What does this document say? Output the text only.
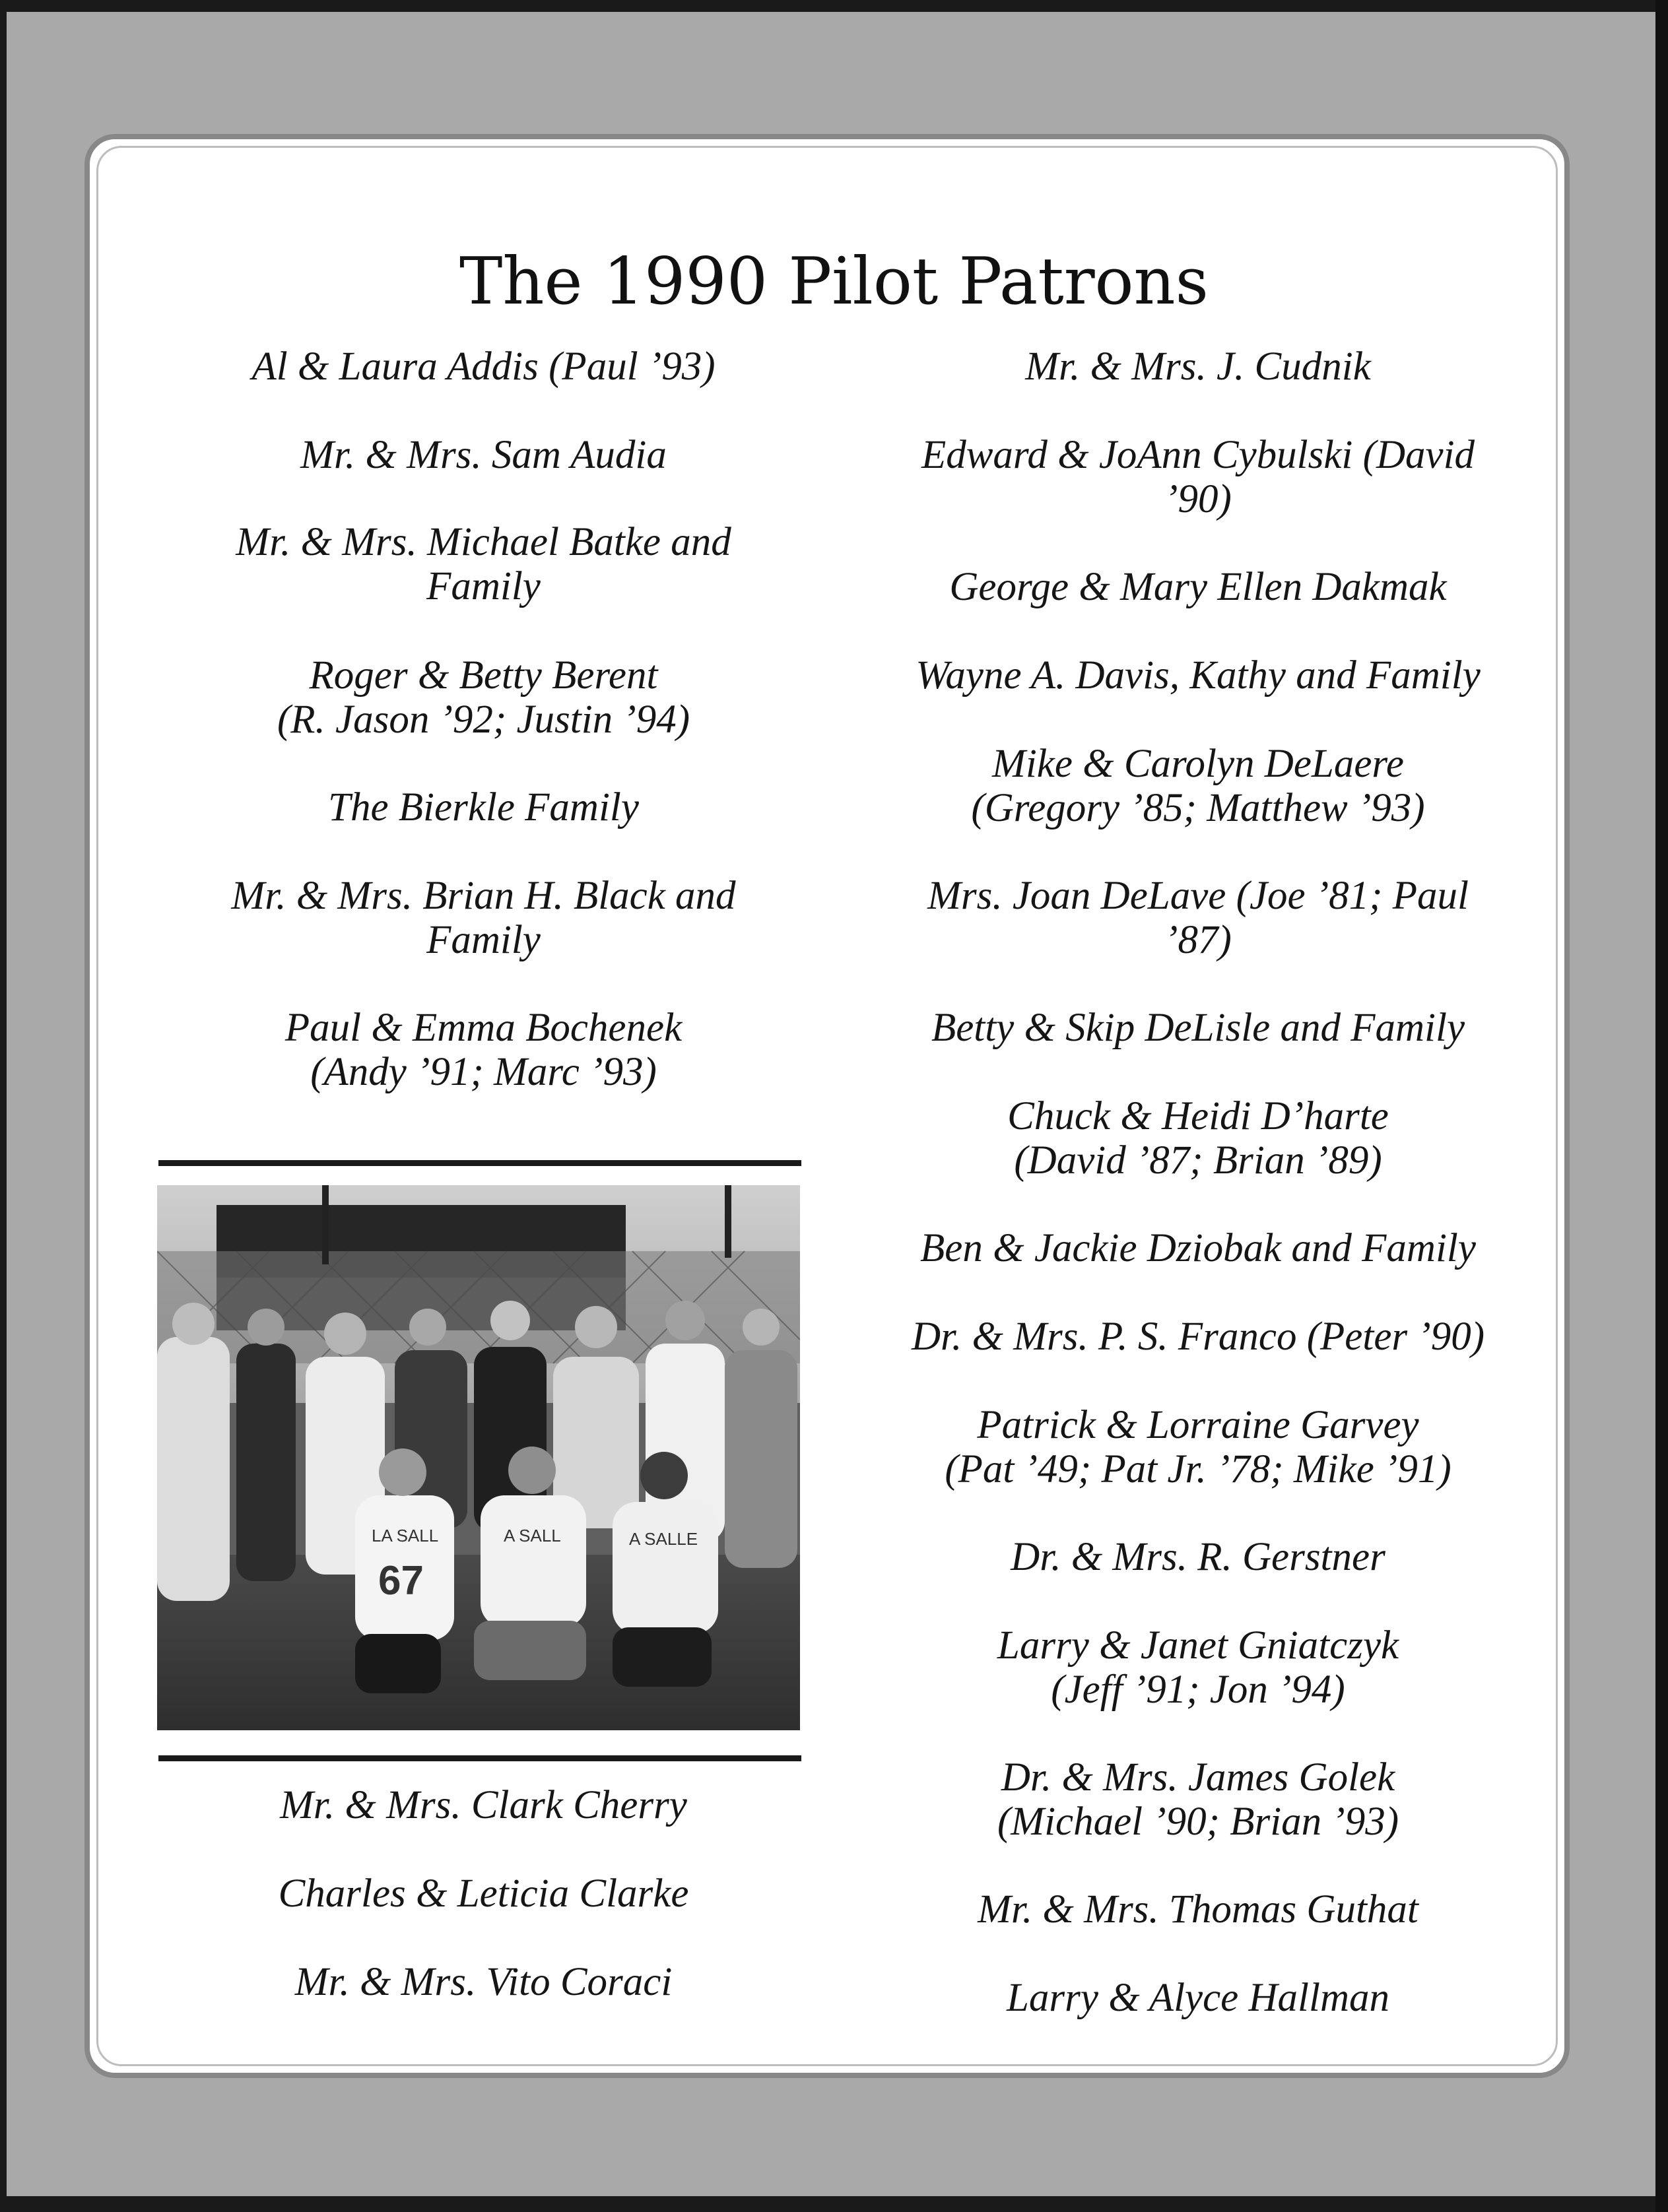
The 1990 Pilot Patrons

Al & Laura Addis (Paul ’93)

Mr. & Mrs. Sam Audia

Mr. & Mrs. Michael Batke and
Family

Roger & Betty Berent
(R. Jason ’92; Justin ’94)

The Bierkle Family

Mr. & Mrs. Brian H. Black and
Family

Paul & Emma Bochenek
(Andy ’91; Marc ’93)

Mr. & Mrs. Clark Cherry

Charles & Leticia Clarke

Mr. & Mrs. Vito Coraci

LA SALL
67
A SALL	A SALLE

Mr. & Mrs. J. Cudnik

Edward & JoAnn Cybulski (David
’90)

George & Mary Ellen Dakmak

Wayne A. Davis, Kathy and Family

Mike & Carolyn DeLaere
(Gregory ’85; Matthew ’93)

Mrs. Joan DeLave (Joe ’81; Paul
’87)

Betty & Skip DeLisle and Family

Chuck & Heidi D’harte
(David ’87; Brian ’89)

Ben & Jackie Dziobak and Family

Dr. & Mrs. P. S. Franco (Peter ’90)

Patrick & Lorraine Garvey
(Pat ’49; Pat Jr. ’78; Mike ’91)

Dr. & Mrs. R. Gerstner

Larry & Janet Gniatczyk
(Jeff ’91; Jon ’94)

Dr. & Mrs. James Golek
(Michael ’90; Brian ’93)

Mr. & Mrs. Thomas Guthat

Larry & Alyce Hallman
